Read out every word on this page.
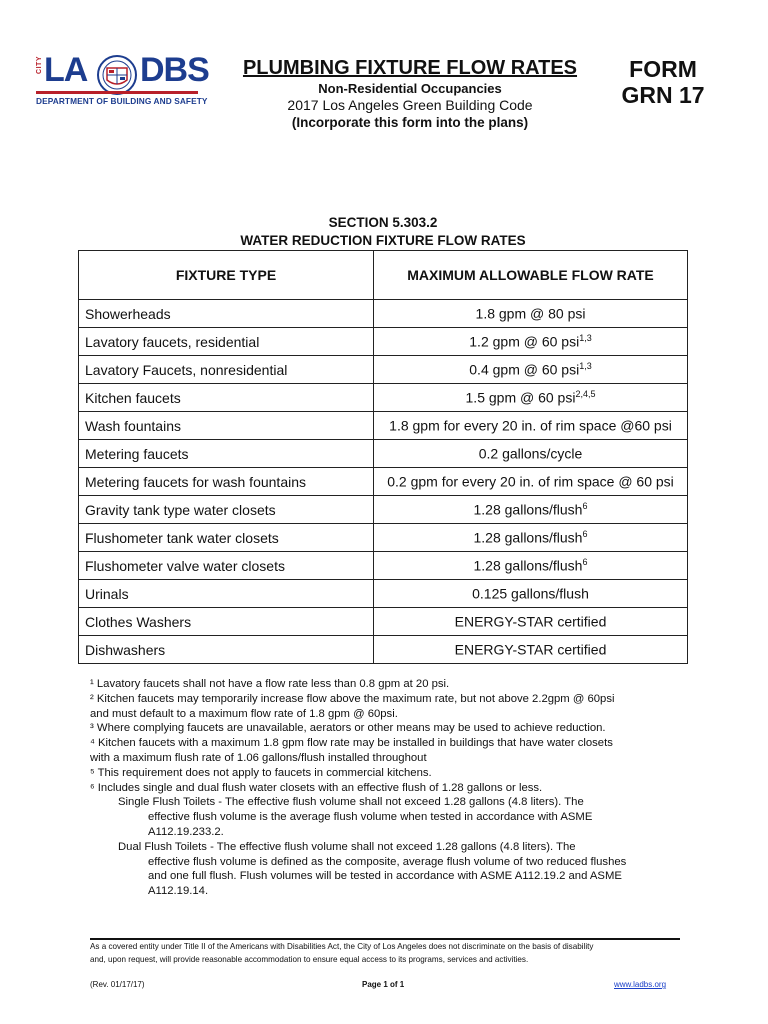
CITY LA DBS
DEPARTMENT OF BUILDING AND SAFETY
PLUMBING FIXTURE FLOW RATES
Non-Residential Occupancies
2017 Los Angeles Green Building Code
(Incorporate this form into the plans)
FORM
GRN 17
SECTION 5.303.2
WATER REDUCTION FIXTURE FLOW RATES
FIXTURE TYPE	MAXIMUM ALLOWABLE FLOW RATE
Showerheads	1.8 gpm @ 80 psi
Lavatory faucets, residential	1.2 gpm @ 60 psi$^{1,3}$
Lavatory Faucets, nonresidential	0.4 gpm @ 60 psi$^{1,3}$
Kitchen faucets	1.5 gpm @ 60 psi$^{2,4,5}$
Wash fountains	1.8 gpm for every 20 in. of rim space @60 psi
Metering faucets	0.2 gallons/cycle
Metering faucets for wash fountains	0.2 gpm for every 20 in. of rim space @ 60 psi
Gravity tank type water closets	1.28 gallons/flush$^6$
Flushometer tank water closets	1.28 gallons/flush$^6$
Flushometer valve water closets	1.28 gallons/flush$^6$
Urinals	0.125 gallons/flush
Clothes Washers	ENERGY-STAR certified
Dishwashers	ENERGY-STAR certified
¹ Lavatory faucets shall not have a flow rate less than 0.8 gpm at 20 psi.
² Kitchen faucets may temporarily increase flow above the maximum rate, but not above 2.2gpm @ 60psi
and must default to a maximum flow rate of 1.8 gpm @ 60psi.
³ Where complying faucets are unavailable, aerators or other means may be used to achieve reduction.
⁴ Kitchen faucets with a maximum 1.8 gpm flow rate may be installed in buildings that have water closets
with a maximum flush rate of 1.06 gallons/flush installed throughout
⁵ This requirement does not apply to faucets in commercial kitchens.
⁶ Includes single and dual flush water closets with an effective flush of 1.28 gallons or less.
Single Flush Toilets - The effective flush volume shall not exceed 1.28 gallons (4.8 liters). The
effective flush volume is the average flush volume when tested in accordance with ASME
A112.19.233.2.
Dual Flush Toilets - The effective flush volume shall not exceed 1.28 gallons (4.8 liters). The
effective flush volume is defined as the composite, average flush volume of two reduced flushes
and one full flush. Flush volumes will be tested in accordance with ASME A112.19.2 and ASME
A112.19.14.
As a covered entity under Title II of the Americans with Disabilities Act, the City of Los Angeles does not discriminate on the basis of disability
and, upon request, will provide reasonable accommodation to ensure equal access to its programs, services and activities.
(Rev. 01/17/17)	Page 1 of 1	www.ladbs.org
